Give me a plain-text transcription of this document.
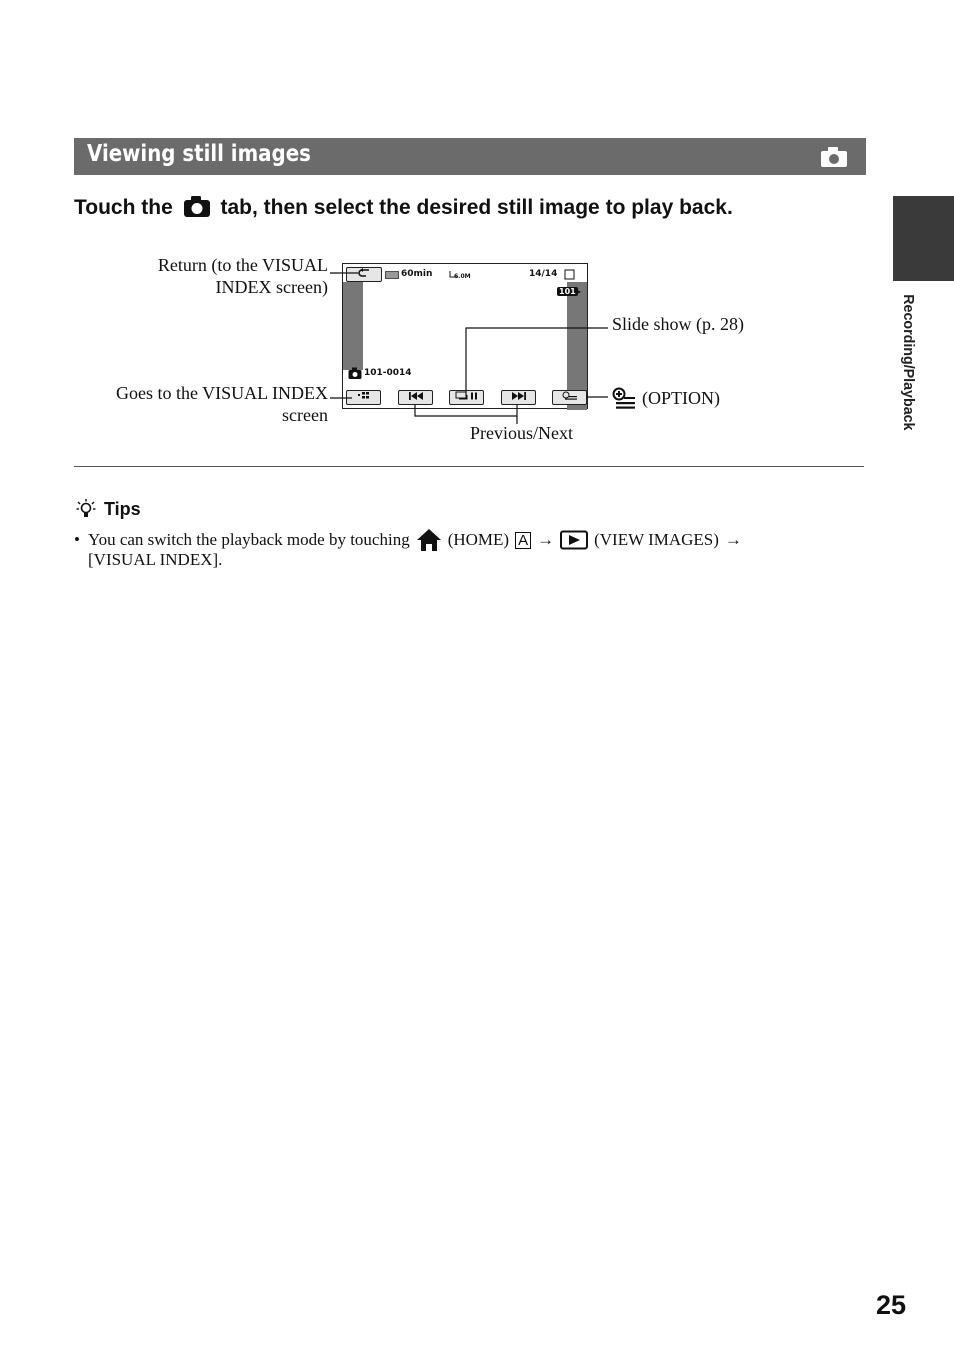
Viewing still images
Touch the tab, then select the desired still image to play back.
Return (to the VISUAL
INDEX screen)
Goes to the VISUAL INDEX
screen
Slide show (p. 28)
(OPTION)
Previous/Next
60min	6.0M	14/14
101 ▸
101-0014
Tips
• You can switch the playback mode by touching (HOME) A → (VIEW IMAGES) →
[VISUAL INDEX].
Recording/Playback
25
